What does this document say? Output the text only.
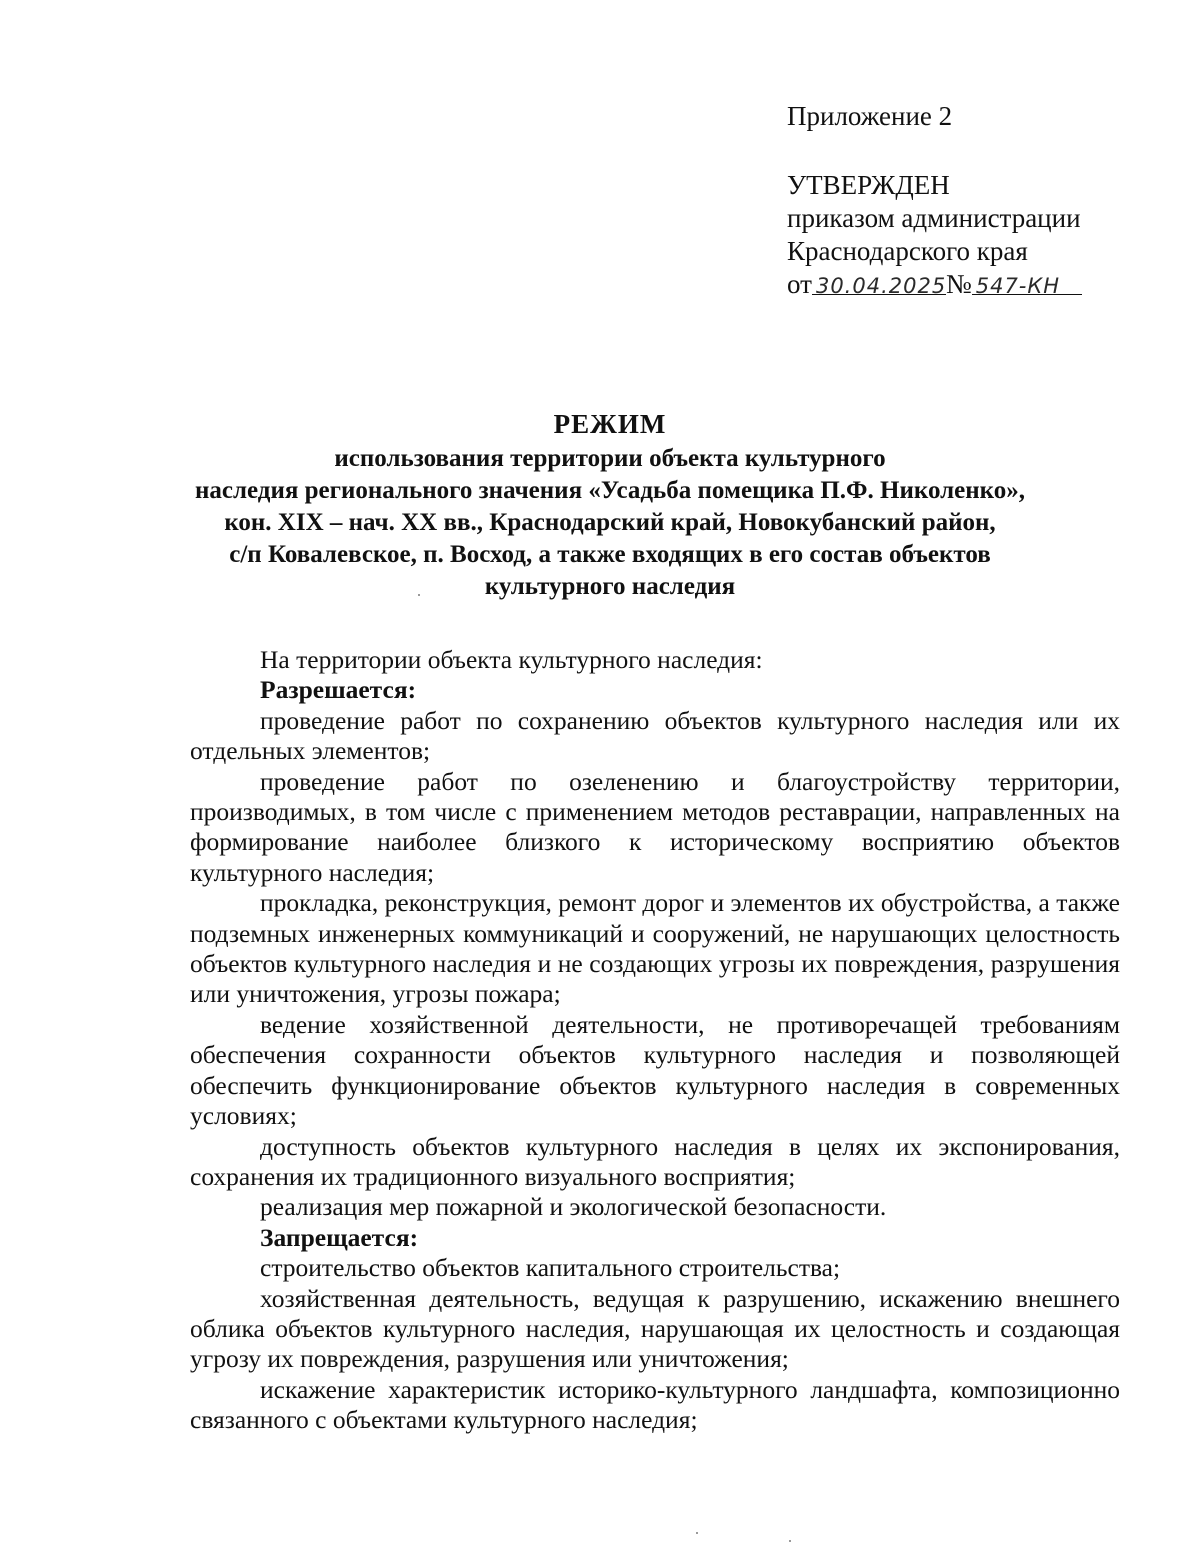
Приложение 2
УТВЕРЖДЕН
приказом администрации
Краснодарского края
от 30.04.2025№ 547-КН
РЕЖИМ
использования территории объекта культурного
наследия регионального значения «Усадьба помещика П.Ф. Николенко»,
кон. XIX – нач. XX вв., Краснодарский край, Новокубанский район,
с/п Ковалевское, п. Восход, а также входящих в его состав объектов
культурного наследия

На территории объекта культурного наследия:

Разрешается:

проведение работ по сохранению объектов культурного наследия или их отдельных элементов;

проведение работ по озеленению и благоустройству территории, производимых, в том числе с применением методов реставрации, направленных на формирование наиболее близкого к историческому восприятию объектов культурного наследия;

прокладка, реконструкция, ремонт дорог и элементов их обустройства, а также подземных инженерных коммуникаций и сооружений, не нарушающих целостность объектов культурного наследия и не создающих угрозы их повреждения, разрушения или уничтожения, угрозы пожара;

ведение хозяйственной деятельности, не противоречащей требованиям обеспечения сохранности объектов культурного наследия и позволяющей обеспечить функционирование объектов культурного наследия в современных условиях;

доступность объектов культурного наследия в целях их экспонирования, сохранения их традиционного визуального восприятия;

реализация мер пожарной и экологической безопасности.

Запрещается:

строительство объектов капитального строительства;

хозяйственная деятельность, ведущая к разрушению, искажению внешнего облика объектов культурного наследия, нарушающая их целостность и создающая угрозу их повреждения, разрушения или уничтожения;

искажение характеристик историко-культурного ландшафта, композиционно связанного с объектами культурного наследия;
